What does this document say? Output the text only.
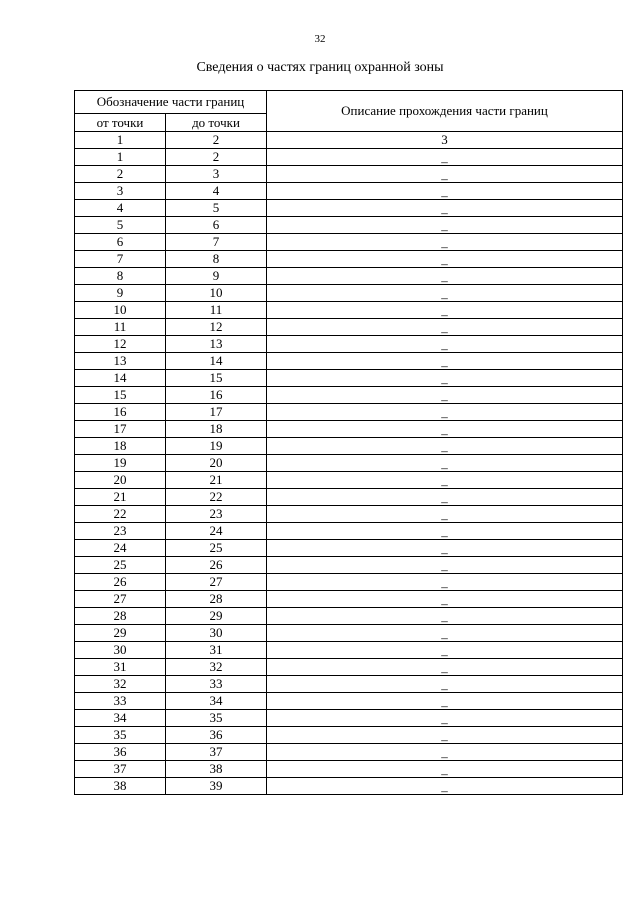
32
Сведения о частях границ охранной зоны
Обозначение части границ		Описание прохождения части границ
от точки	до точки	
1	2	3
1	2	–
2	3	–
3	4	–
4	5	–
5	6	–
6	7	–
7	8	–
8	9	–
9	10	–
10	11	–
11	12	–
12	13	–
13	14	–
14	15	–
15	16	–
16	17	–
17	18	–
18	19	–
19	20	–
20	21	–
21	22	–
22	23	–
23	24	–
24	25	–
25	26	–
26	27	–
27	28	–
28	29	–
29	30	–
30	31	–
31	32	–
32	33	–
33	34	–
34	35	–
35	36	–
36	37	–
37	38	–
38	39	–
